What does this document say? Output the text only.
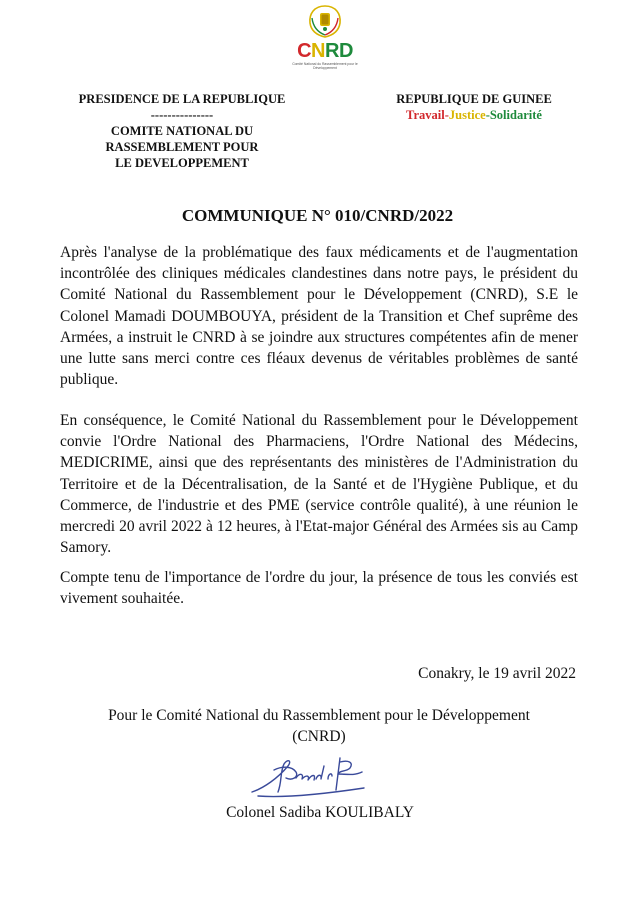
CNRD
Comité National du Rassemblement pour le Développement
PRESIDENCE DE LA REPUBLIQUE
---------------
COMITE NATIONAL DU
RASSEMBLEMENT POUR
LE DEVELOPPEMENT
REPUBLIQUE DE GUINEE
Travail-Justice-Solidarité
COMMUNIQUE N° 010/CNRD/2022
Après l'analyse de la problématique des faux médicaments et de l'augmentation incontrôlée des cliniques médicales clandestines dans notre pays, le président du Comité National du Rassemblement pour le Développement (CNRD), S.E le Colonel Mamadi DOUMBOUYA, président de la Transition et Chef suprême des Armées, a instruit le CNRD à se joindre aux structures compétentes afin de mener une lutte sans merci contre ces fléaux devenus de véritables problèmes de santé publique.
En conséquence, le Comité National du Rassemblement pour le Développement convie l'Ordre National des Pharmaciens, l'Ordre National des Médecins, MEDICRIME, ainsi que des représentants des ministères de l'Administration du Territoire et de la Décentralisation, de la Santé et de l'Hygiène Publique, et du Commerce, de l'industrie et des PME (service contrôle qualité), à une réunion le mercredi 20 avril 2022 à 12 heures, à l'Etat-major Général des Armées sis au Camp Samory.
Compte tenu de l'importance de l'ordre du jour, la présence de tous les conviés est vivement souhaitée.
Conakry, le 19 avril 2022
Pour le Comité National du Rassemblement pour le Développement
(CNRD)
Colonel Sadiba KOULIBALY
